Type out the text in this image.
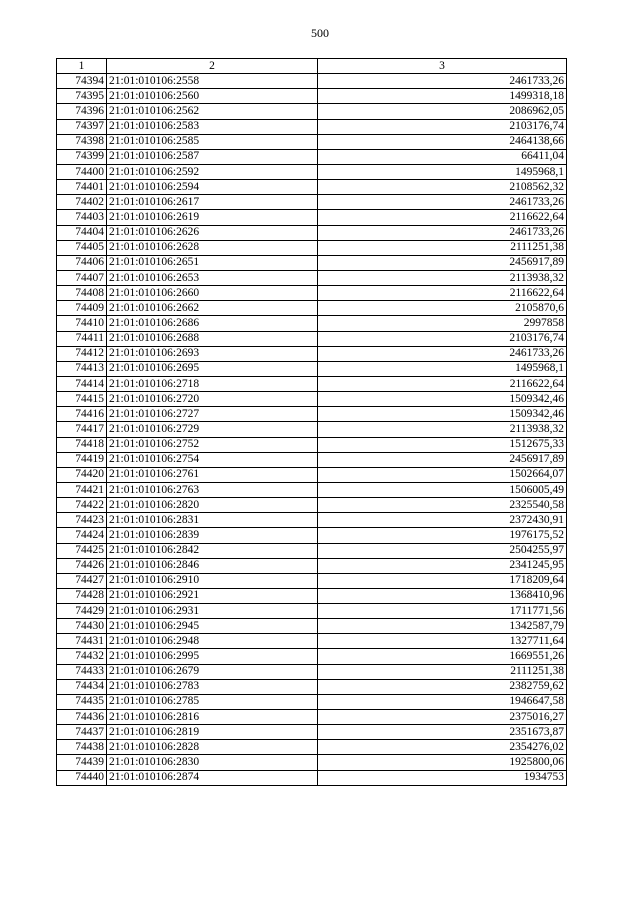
500
1	2	3
74394	21:01:010106:2558	2461733,26
74395	21:01:010106:2560	1499318,18
74396	21:01:010106:2562	2086962,05
74397	21:01:010106:2583	2103176,74
74398	21:01:010106:2585	2464138,66
74399	21:01:010106:2587	66411,04
74400	21:01:010106:2592	1495968,1
74401	21:01:010106:2594	2108562,32
74402	21:01:010106:2617	2461733,26
74403	21:01:010106:2619	2116622,64
74404	21:01:010106:2626	2461733,26
74405	21:01:010106:2628	2111251,38
74406	21:01:010106:2651	2456917,89
74407	21:01:010106:2653	2113938,32
74408	21:01:010106:2660	2116622,64
74409	21:01:010106:2662	2105870,6
74410	21:01:010106:2686	2997858
74411	21:01:010106:2688	2103176,74
74412	21:01:010106:2693	2461733,26
74413	21:01:010106:2695	1495968,1
74414	21:01:010106:2718	2116622,64
74415	21:01:010106:2720	1509342,46
74416	21:01:010106:2727	1509342,46
74417	21:01:010106:2729	2113938,32
74418	21:01:010106:2752	1512675,33
74419	21:01:010106:2754	2456917,89
74420	21:01:010106:2761	1502664,07
74421	21:01:010106:2763	1506005,49
74422	21:01:010106:2820	2325540,58
74423	21:01:010106:2831	2372430,91
74424	21:01:010106:2839	1976175,52
74425	21:01:010106:2842	2504255,97
74426	21:01:010106:2846	2341245,95
74427	21:01:010106:2910	1718209,64
74428	21:01:010106:2921	1368410,96
74429	21:01:010106:2931	1711771,56
74430	21:01:010106:2945	1342587,79
74431	21:01:010106:2948	1327711,64
74432	21:01:010106:2995	1669551,26
74433	21:01:010106:2679	2111251,38
74434	21:01:010106:2783	2382759,62
74435	21:01:010106:2785	1946647,58
74436	21:01:010106:2816	2375016,27
74437	21:01:010106:2819	2351673,87
74438	21:01:010106:2828	2354276,02
74439	21:01:010106:2830	1925800,06
74440	21:01:010106:2874	1934753
